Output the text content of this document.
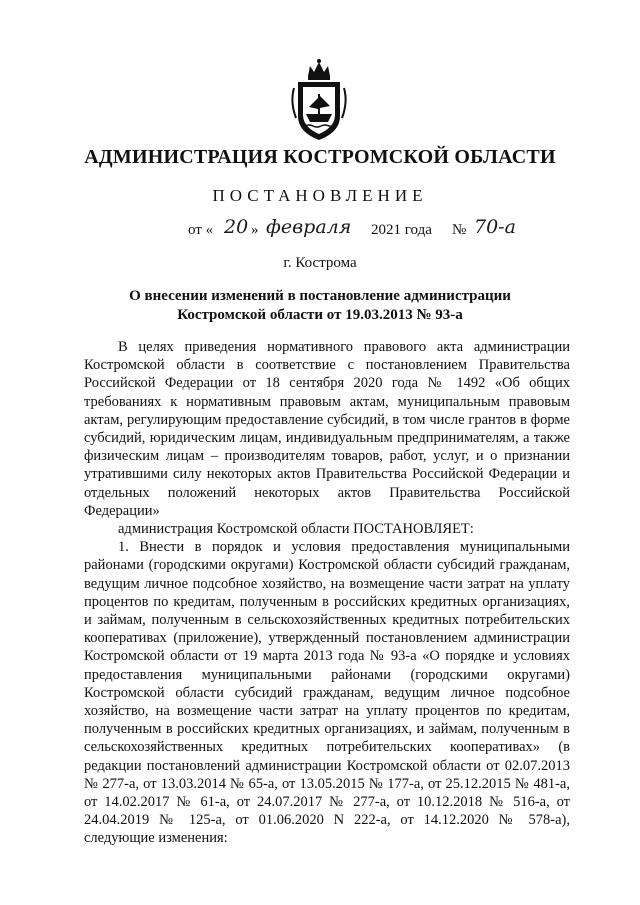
АДМИНИСТРАЦИЯ КОСТРОМСКОЙ ОБЛАСТИ
ПОСТАНОВЛЕНИЕ
от « 20 » февраля 2021 года № 70-а
г. Кострома
О внесении изменений в постановление администрации
Костромской области от 19.03.2013 № 93-а

В целях приведения нормативного правового акта администрации Костромской области в соответствие с постановлением Правительства Российской Федерации от 18 сентября 2020 года № 1492 «Об общих требованиях к нормативным правовым актам, муниципальным правовым актам, регулирующим предоставление субсидий, в том числе грантов в форме субсидий, юридическим лицам, индивидуальным предпринимателям, а также физическим лицам – производителям товаров, работ, услуг, и о признании утратившими силу некоторых актов Правительства Российской Федерации и отдельных положений некоторых актов Правительства Российской Федерации»

администрация Костромской области ПОСТАНОВЛЯЕТ:

1. Внести в порядок и условия предоставления муниципальными районами (городскими округами) Костромской области субсидий гражданам, ведущим личное подсобное хозяйство, на возмещение части затрат на уплату процентов по кредитам, полученным в российских кредитных организациях, и займам, полученным в сельскохозяйственных кредитных потребительских кооперативах (приложение), утвержденный постановлением администрации Костромской области от 19 марта 2013 года № 93-а «О порядке и условиях предоставления муниципальными районами (городскими округами) Костромской области субсидий гражданам, ведущим личное подсобное хозяйство, на возмещение части затрат на уплату процентов по кредитам, полученным в российских кредитных организациях, и займам, полученным в сельскохозяйственных кредитных потребительских кооперативах» (в редакции постановлений администрации Костромской области от 02.07.2013 № 277-а, от 13.03.2014 № 65-а, от 13.05.2015 № 177-а, от 25.12.2015 № 481-а, от 14.02.2017 № 61-а, от 24.07.2017 № 277-а, от 10.12.2018 № 516-а, от 24.04.2019 № 125-а, от 01.06.2020 N 222-а, от 14.12.2020 № 578-а), следующие изменения:
